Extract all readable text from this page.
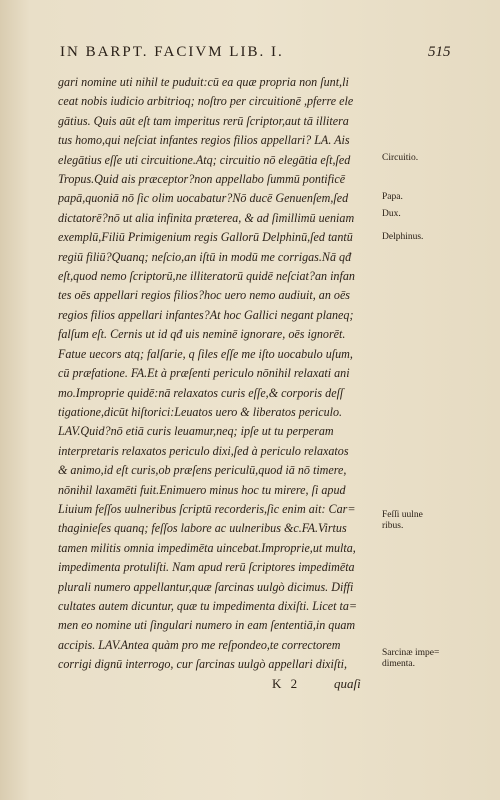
IN BARPT. FACIVM LIB. I.	515
gari nomine uti nihil te puduit:cū ea quæ propria non ſunt,li
ceat nobis iudicio arbitrioq; noſtro per circuitionē ,pferre ele
gātius. Quis aūt eſt tam imperitus rerū ſcriptor,aut tā illitera
tus homo,qui neſciat infantes regios filios appellari? LA. Ais
elegātius eſſe uti circuitione.Atq; circuitio nō elegātia eſt,ſed
Tropus.Quid ais præceptor?non appellabo ſummū pontificē
papā,quoniā nō ſic olim uocabatur?Nō ducē Genuenſem,ſed
dictatorē?nō ut alia infinita præterea, & ad ſimillimū ueniam
exemplū,Filiū Primigenium regis Gallorū Delphinū,ſed tantū
regiū filiū?Quanq; neſcio,an iſtū in modū me corrigas.Nā qđ
eſt,quod nemo ſcriptorū,ne illiteratorū quidē neſciat?an infan
tes oēs appellari regios filios?hoc uero nemo audiuit, an oēs
regios filios appellari infantes?At hoc Gallici negant planeq;
falſum eſt. Cernis ut id qđ uis neminē ignorare, oēs ignorēt.
Fatue uecors atq; falſarie, q ſiles eſſe me iſto uocabulo uſum,
cū præfatione. FA.Et à præſenti periculo nōnihil relaxati ani
mo.Improprie quidē:nā relaxatos curis eſſe,& corporis deſſ
tigatione,dicūt hiſtorici:Leuatos uero & liberatos periculo.
LAV.Quid?nō etiā curis leuamur,neq; ipſe ut tu perperam
interpretaris relaxatos periculo dixi,ſed à periculo relaxatos
& animo,id eſt curis,ob præſens periculū,quod iā nō timere,
nōnihil laxamēti fuit.Enimuero minus hoc tu mirere, ſi apud
Liuium feſſos uulneribus ſcriptū recorderis,ſic enim ait: Car=
thaginieſes quanq; feſſos labore ac uulneribus &c.FA.Virtus
tamen militis omnia impedimēta uincebat.Improprie,ut multa,
impedimenta protuliſti. Nam apud rerū ſcriptores impedimēta
plurali numero appellantur,quæ ſarcinas uulgò dicimus. Diffi
cultates autem dicuntur, quæ tu impedimenta dixiſti. Licet ta=
men eo nomine uti ſingulari numero in eam ſententiā,in quam
accipis. LAV.Antea quàm pro me reſpondeo,te correctorem
corrigi dignū interrogo, cur ſarcinas uulgò appellari dixiſti,
Circuitio.
Papa.
Dux.
Delphinus.
Feſſi uulne ribus.
Sarcinæ impe= dimenta.
K 2	quaſi
